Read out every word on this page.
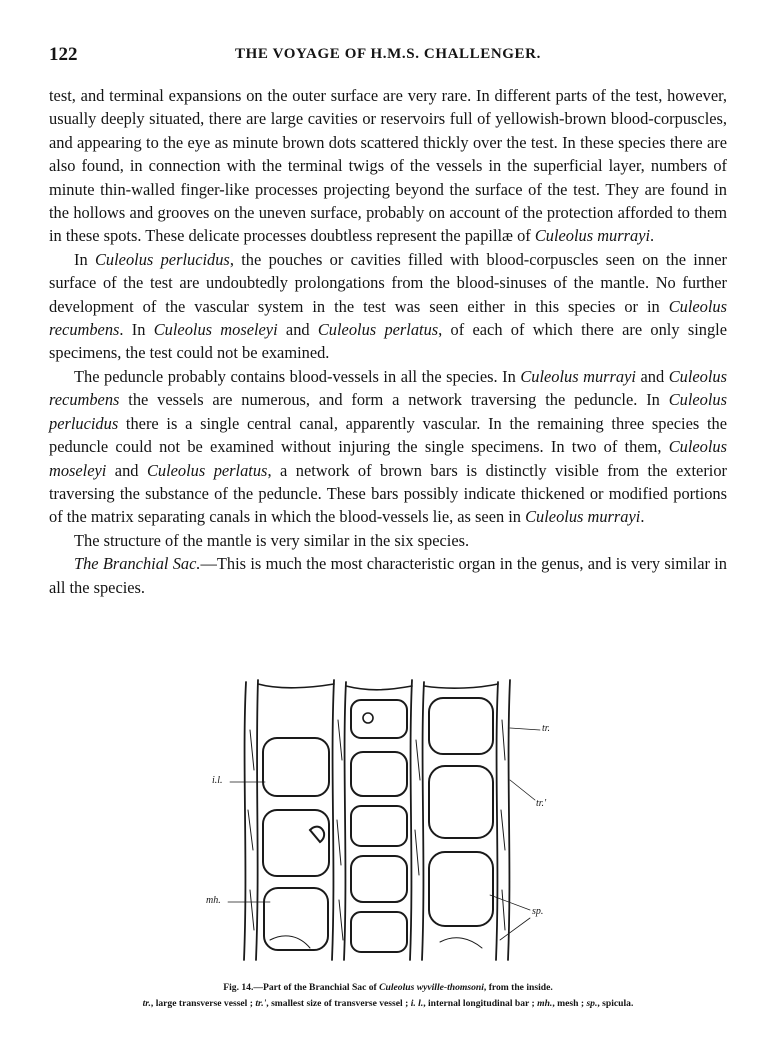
122	THE VOYAGE OF H.M.S. CHALLENGER.

test, and terminal expansions on the outer surface are very rare. In different parts of the test, however, usually deeply situated, there are large cavities or reservoirs full of yellowish-brown blood-corpuscles, and appearing to the eye as minute brown dots scattered thickly over the test. In these species there are also found, in connection with the terminal twigs of the vessels in the superficial layer, numbers of minute thin-walled finger-like processes projecting beyond the surface of the test. They are found in the hollows and grooves on the uneven surface, probably on account of the protection afforded to them in these spots. These delicate processes doubtless represent the papillæ of Culeolus murrayi.

In Culeolus perlucidus, the pouches or cavities filled with blood-corpuscles seen on the inner surface of the test are undoubtedly prolongations from the blood-sinuses of the mantle. No further development of the vascular system in the test was seen either in this species or in Culeolus recumbens. In Culeolus moseleyi and Culeolus perlatus, of each of which there are only single specimens, the test could not be examined.

The peduncle probably contains blood-vessels in all the species. In Culeolus murrayi and Culeolus recumbens the vessels are numerous, and form a network traversing the peduncle. In Culeolus perlucidus there is a single central canal, apparently vascular. In the remaining three species the peduncle could not be examined without injuring the single specimens. In two of them, Culeolus moseleyi and Culeolus perlatus, a network of brown bars is distinctly visible from the exterior traversing the substance of the peduncle. These bars possibly indicate thickened or modified portions of the matrix separating canals in which the blood-vessels lie, as seen in Culeolus murrayi.

The structure of the mantle is very similar in the six species.

The Branchial Sac.—This is much the most characteristic organ in the genus, and is very similar in all the species.

i.l.
mh.
tr.
tr.'
sp.
Fig. 14.—Part of the Branchial Sac of Culeolus wyville-thomsoni, from the inside.
tr., large transverse vessel ; tr.', smallest size of transverse vessel ; i. l., internal longitudinal bar ; mh., mesh ; sp., spicula.
